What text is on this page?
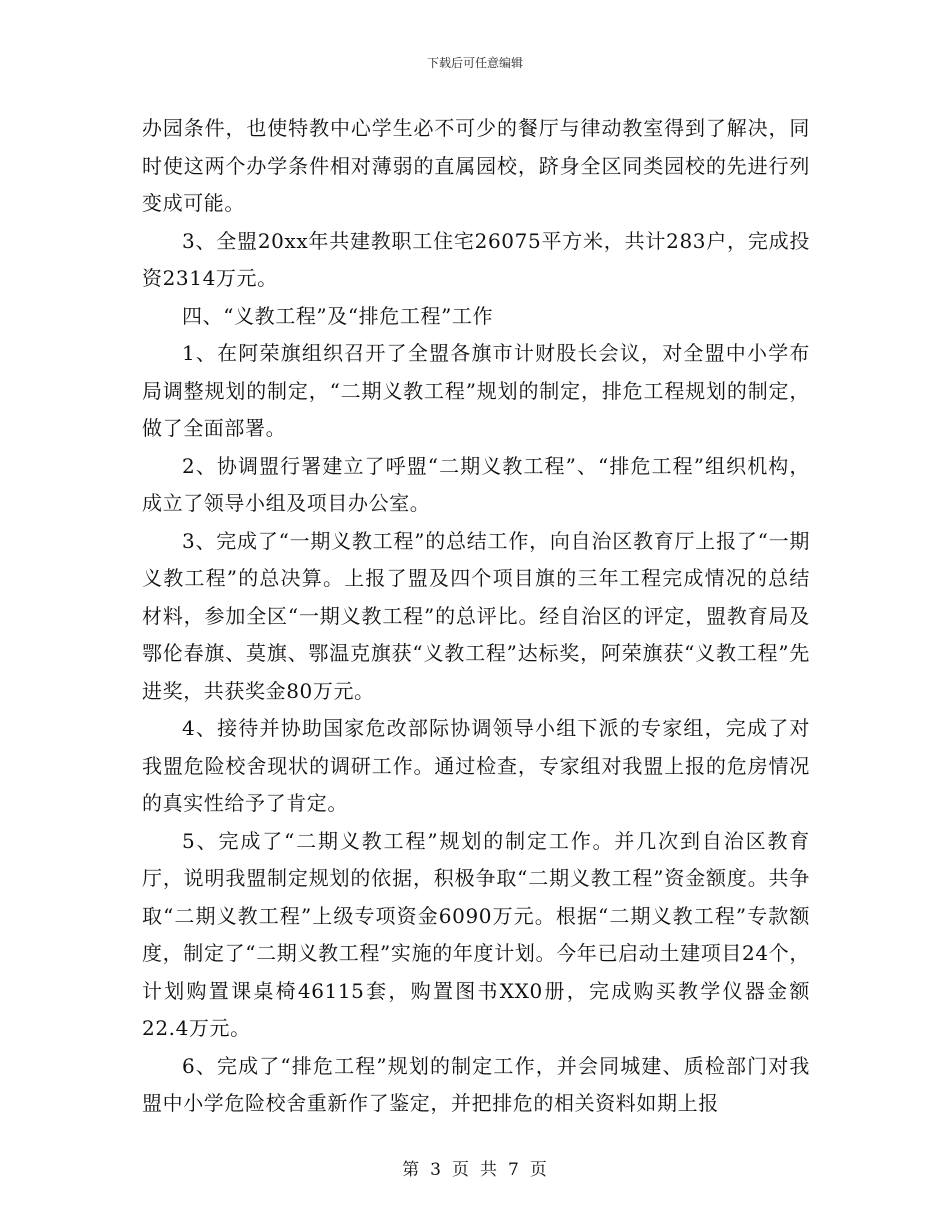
下载后可任意编辑

办园条件，也使特教中心学生必不可少的餐厅与律动教室得到了解决，同时使这两个办学条件相对薄弱的直属园校，跻身全区同类园校的先进行列变成可能。

3、全盟20xx年共建教职工住宅26075平方米，共计283户，完成投资2314万元。

四、“义教工程”及“排危工程”工作

1、在阿荣旗组织召开了全盟各旗市计财股长会议，对全盟中小学布局调整规划的制定，“二期义教工程”规划的制定，排危工程规划的制定，做了全面部署。

2、协调盟行署建立了呼盟“二期义教工程”、“排危工程”组织机构，成立了领导小组及项目办公室。

3、完成了“一期义教工程”的总结工作，向自治区教育厅上报了“一期义教工程”的总决算。上报了盟及四个项目旗的三年工程完成情况的总结材料，参加全区“一期义教工程”的总评比。经自治区的评定，盟教育局及鄂伦春旗、莫旗、鄂温克旗获“义教工程”达标奖，阿荣旗获“义教工程”先进奖，共获奖金80万元。

4、接待并协助国家危改部际协调领导小组下派的专家组，完成了对我盟危险校舍现状的调研工作。通过检查，专家组对我盟上报的危房情况的真实性给予了肯定。

5、完成了“二期义教工程”规划的制定工作。并几次到自治区教育厅，说明我盟制定规划的依据，积极争取“二期义教工程”资金额度。共争取“二期义教工程”上级专项资金6090万元。根据“二期义教工程”专款额度，制定了“二期义教工程”实施的年度计划。今年已启动土建项目24个，计划购置课桌椅46115套，购置图书XX0册，完成购买教学仪器金额22.4万元。

6、完成了“排危工程”规划的制定工作，并会同城建、质检部门对我盟中小学危险校舍重新作了鉴定，并把排危的相关资料如期上报

第 3 页 共 7 页
